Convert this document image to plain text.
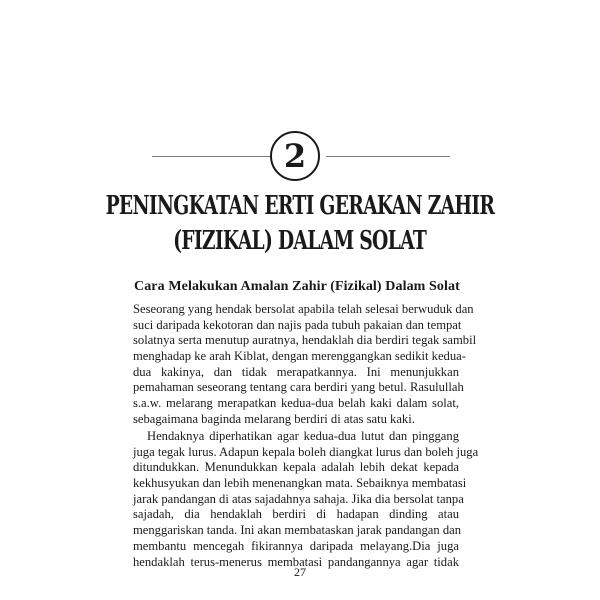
2
PENINGKATAN ERTI GERAKAN ZAHIR
(FIZIKAL) DALAM SOLAT
Cara Melakukan Amalan Zahir (Fizikal) Dalam Solat
Seseorang yang hendak bersolat apabila telah selesai berwuduk dan
suci daripada kekotoran dan najis pada tubuh pakaian dan tempat
solatnya serta menutup auratnya, hendaklah dia berdiri tegak sambil
menghadap ke arah Kiblat, dengan merenggangkan sedikit kedua-
dua kakinya, dan tidak merapatkannya. Ini menunjukkan
pemahaman seseorang tentang cara berdiri yang betul. Rasulullah
s.a.w. melarang merapatkan kedua-dua belah kaki dalam solat,
sebagaimana baginda melarang berdiri di atas satu kaki.
Hendaknya diperhatikan agar kedua-dua lutut dan pinggang
juga tegak lurus. Adapun kepala boleh diangkat lurus dan boleh juga
ditundukkan. Menundukkan kepala adalah lebih dekat kepada
kekhusyukan dan lebih menenangkan mata. Sebaiknya membatasi
jarak pandangan di atas sajadahnya sahaja. Jika dia bersolat tanpa
sajadah, dia hendaklah berdiri di hadapan dinding atau
menggariskan tanda. Ini akan membataskan jarak pandangan dan
membantu mencegah fikirannya daripada melayang.Dia juga
hendaklah terus-menerus membatasi pandangannya agar tidak
27
